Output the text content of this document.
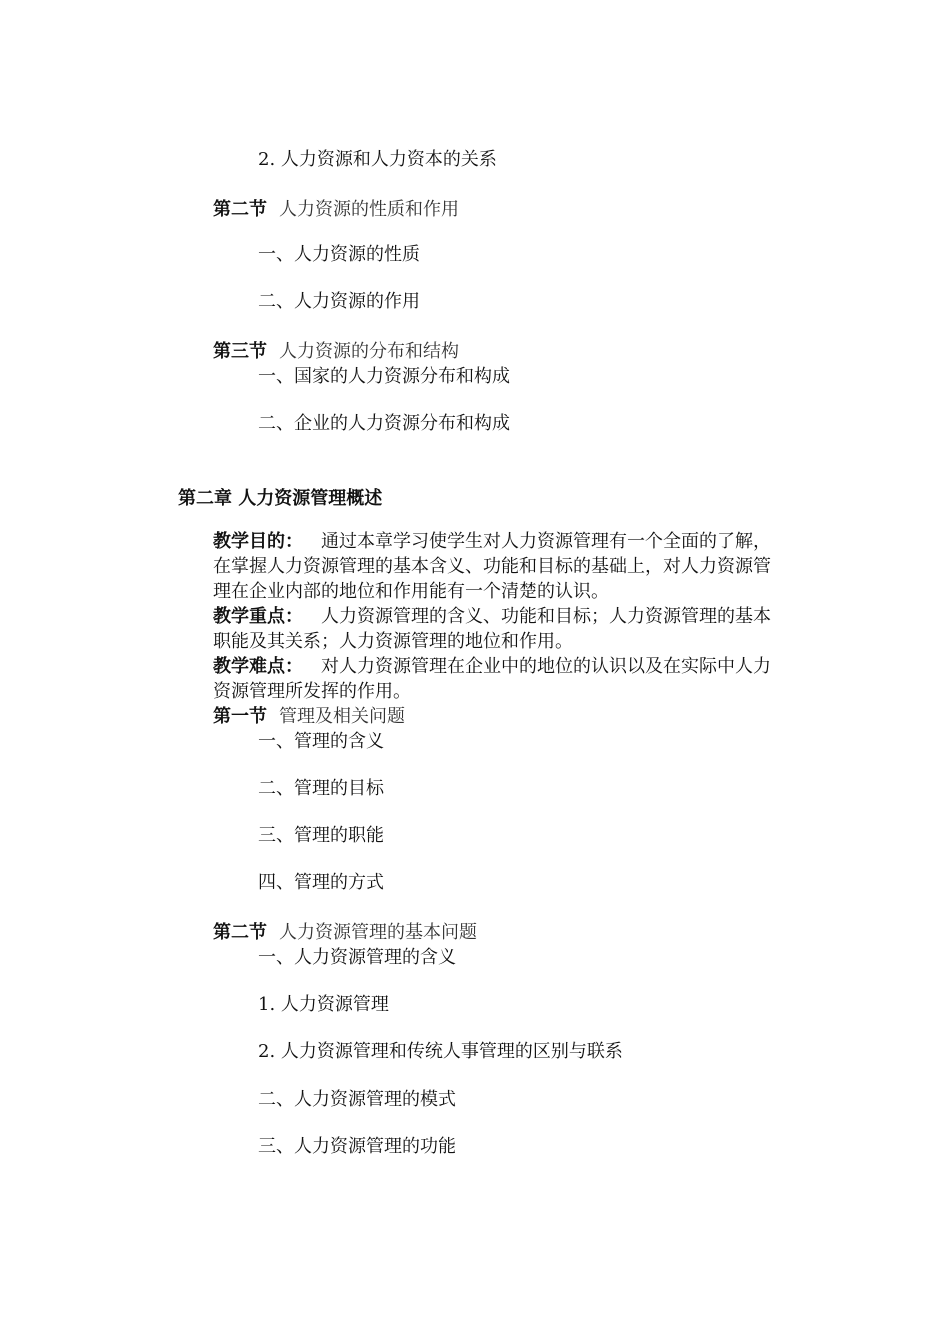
2. 人力资源和人力资本的关系
第二节 人力资源的性质和作用
一、人力资源的性质
二、人力资源的作用
第三节 人力资源的分布和结构
一、国家的人力资源分布和构成
二、企业的人力资源分布和构成
第二章 人力资源管理概述
教学目的： 通过本章学习使学生对人力资源管理有一个全面的了解，在掌握人力资源管理的基本含义、功能和目标的基础上，对人力资源管理在企业内部的地位和作用能有一个清楚的认识。
教学重点： 人力资源管理的含义、功能和目标；人力资源管理的基本职能及其关系；人力资源管理的地位和作用。
教学难点： 对人力资源管理在企业中的地位的认识以及在实际中人力资源管理所发挥的作用。
第一节 管理及相关问题
一、管理的含义
二、管理的目标
三、管理的职能
四、管理的方式
第二节 人力资源管理的基本问题
一、人力资源管理的含义
1. 人力资源管理
2. 人力资源管理和传统人事管理的区别与联系
二、人力资源管理的模式
三、人力资源管理的功能
